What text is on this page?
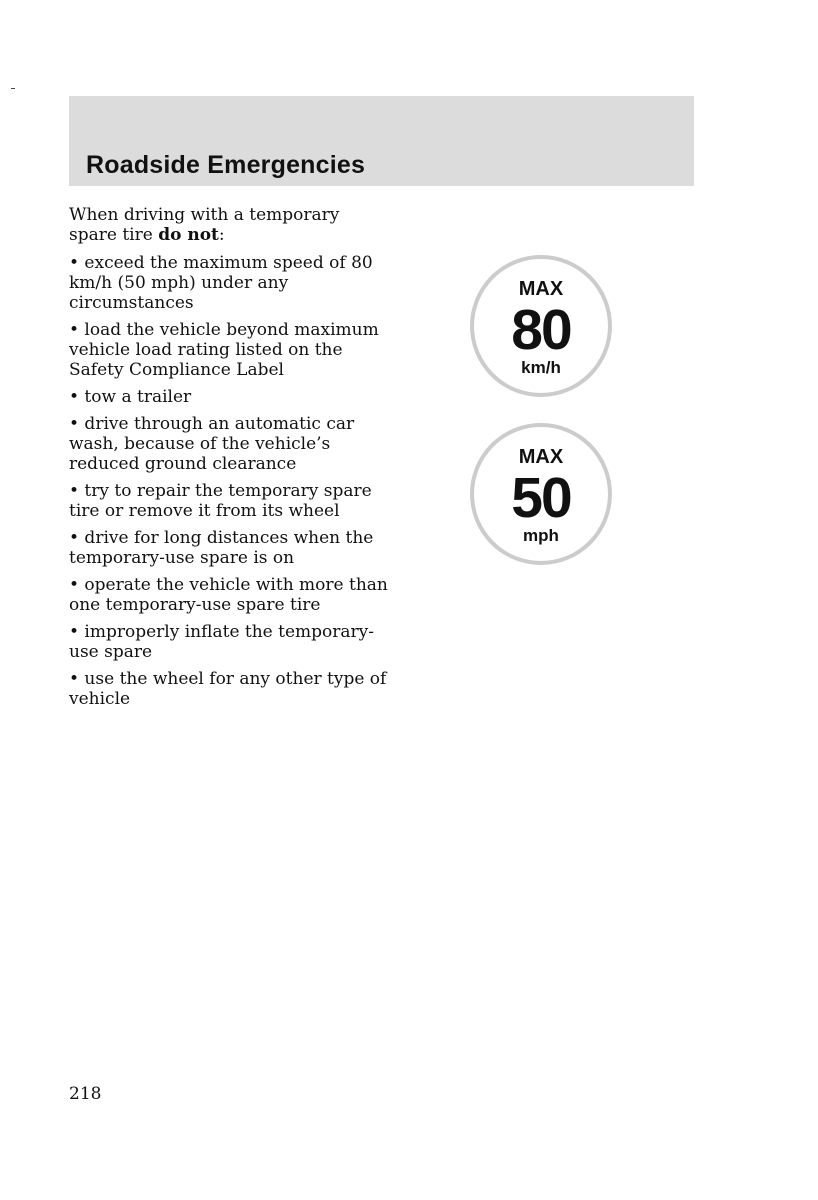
Roadside Emergencies

When driving with a temporary spare tire do not:

• exceed the maximum speed of 80 km/h (50 mph) under any circumstances
• load the vehicle beyond maximum vehicle load rating listed on the Safety Compliance Label
• tow a trailer
• drive through an automatic car wash, because of the vehicle’s reduced ground clearance
• try to repair the temporary spare tire or remove it from its wheel
• drive for long distances when the temporary-use spare is on
• operate the vehicle with more than one temporary-use spare tire
• improperly inflate the temporary-use spare
• use the wheel for any other type of vehicle
MAX
80
km/h
MAX
50
mph
218
